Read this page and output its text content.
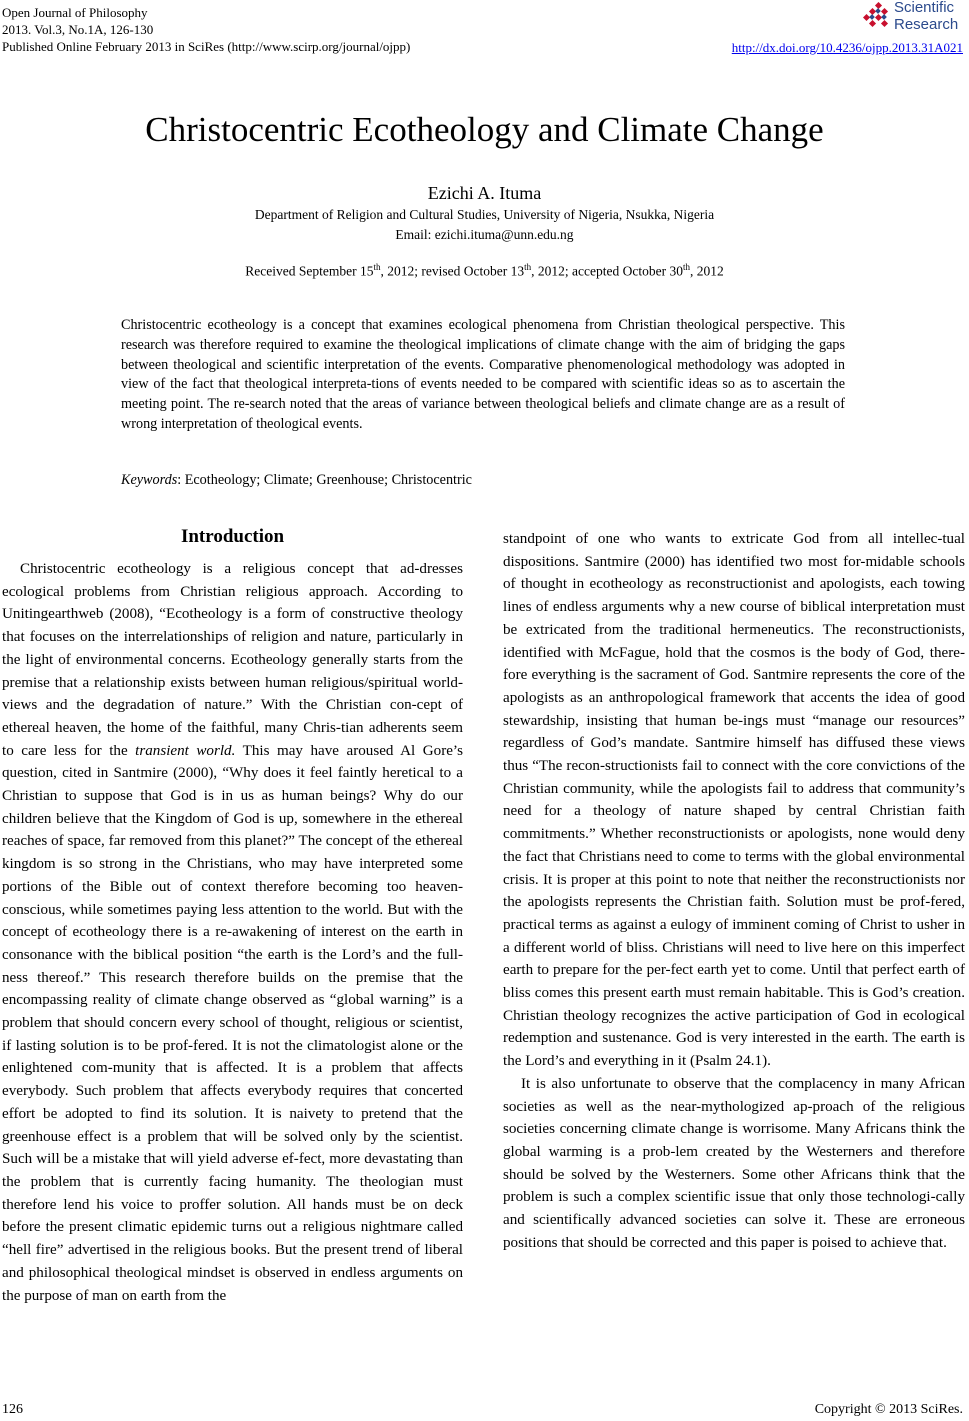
Open Journal of Philosophy
2013. Vol.3, No.1A, 126-130
Published Online February 2013 in SciRes (http://www.scirp.org/journal/ojpp)
Scientific
Research
http://dx.doi.org/10.4236/ojpp.2013.31A021
Christocentric Ecotheology and Climate Change
Ezichi A. Ituma
Department of Religion and Cultural Studies, University of Nigeria, Nsukka, Nigeria
Email: ezichi.ituma@unn.edu.ng
Received September 15th, 2012; revised October 13th, 2012; accepted October 30th, 2012
Christocentric ecotheology is a concept that examines ecological phenomena from Christian theological perspective. This research was therefore required to examine the theological implications of climate change with the aim of bridging the gaps between theological and scientific interpretation of the events. Comparative phenomenological methodology was adopted in view of the fact that theological interpreta-tions of events needed to be compared with scientific ideas so as to ascertain the meeting point. The re-search noted that the areas of variance between theological beliefs and climate change are as a result of wrong interpretation of theological events.
Keywords: Ecotheology; Climate; Greenhouse; Christocentric
Introduction

Christocentric ecotheology is a religious concept that ad-dresses ecological problems from Christian religious approach. According to Unitingearthweb (2008), “Ecotheology is a form of constructive theology that focuses on the interrelationships of religion and nature, particularly in the light of environmental concerns. Ecotheology generally starts from the premise that a relationship exists between human religious/spiritual world-views and the degradation of nature.” With the Christian con-cept of ethereal heaven, the home of the faithful, many Chris-tian adherents seem to care less for the transient world. This may have aroused Al Gore’s question, cited in Santmire (2000), “Why does it feel faintly heretical to a Christian to suppose that God is in us as human beings? Why do our children believe that the Kingdom of God is up, somewhere in the ethereal reaches of space, far removed from this planet?” The concept of the ethereal kingdom is so strong in the Christians, who may have interpreted some portions of the Bible out of context therefore becoming too heaven-conscious, while sometimes paying less attention to the world. But with the concept of ecotheology there is a re-awakening of interest on the earth in consonance with the biblical position “the earth is the Lord’s and the full-ness thereof.” This research therefore builds on the premise that the encompassing reality of climate change observed as “global warning” is a problem that should concern every school of thought, religious or scientist, if lasting solution is to be prof-fered. It is not the climatologist alone or the enlightened com-munity that is affected. It is a problem that affects everybody. Such problem that affects everybody requires that concerted effort be adopted to find its solution. It is naivety to pretend that the greenhouse effect is a problem that will be solved only by the scientist. Such will be a mistake that will yield adverse ef-fect, more devastating than the problem that is currently facing humanity. The theologian must therefore lend his voice to proffer solution. All hands must be on deck before the present climatic epidemic turns out a religious nightmare called “hell fire” advertised in the religious books. But the present trend of liberal and philosophical theological mindset is observed in endless arguments on the purpose of man on earth from the

standpoint of one who wants to extricate God from all intellec-tual dispositions. Santmire (2000) has identified two most for-midable schools of thought in ecotheology as reconstructionist and apologists, each towing lines of endless arguments why a new course of biblical interpretation must be extricated from the traditional hermeneutics. The reconstructionists, identified with McFague, hold that the cosmos is the body of God, there-fore everything is the sacrament of God. Santmire represents the core of the apologists as an anthropological framework that accents the idea of good stewardship, insisting that human be-ings must “manage our resources” regardless of God’s mandate. Santmire himself has diffused these views thus “The recon-structionists fail to connect with the core convictions of the Christian community, while the apologists fail to address that community’s need for a theology of nature shaped by central Christian faith commitments.” Whether reconstructionists or apologists, none would deny the fact that Christians need to come to terms with the global environmental crisis. It is proper at this point to note that neither the reconstructionists nor the apologists represents the Christian faith. Solution must be prof-fered, practical terms as against a eulogy of imminent coming of Christ to usher in a different world of bliss. Christians will need to live here on this imperfect earth to prepare for the per-fect earth yet to come. Until that perfect earth of bliss comes this present earth must remain habitable. This is God’s creation. Christian theology recognizes the active participation of God in ecological redemption and sustenance. God is very interested in the earth. The earth is the Lord’s and everything in it (Psalm 24.1).

It is also unfortunate to observe that the complacency in many African societies as well as the near-mythologized ap-proach of the religious societies concerning climate change is worrisome. Many Africans think the global warming is a prob-lem created by the Westerners and therefore should be solved by the Westerners. Some other Africans think that the problem is such a complex scientific issue that only those technologi-cally and scientifically advanced societies can solve it. These are erroneous positions that should be corrected and this paper is poised to achieve that.

126	Copyright © 2013 SciRes.
